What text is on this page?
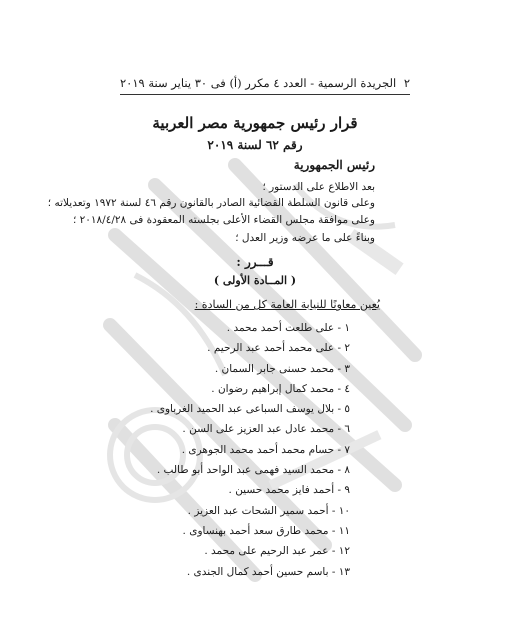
٢
الجريدة الرسمية - العدد ٤ مكرر (أ) فى ٣٠ يناير سنة ٢٠١٩
قرار رئيس جمهورية مصر العربية
رقم ٦٢ لسنة ٢٠١٩
رئيس الجمهورية
بعد الاطلاع على الدستور ؛
وعلى قانون السلطة القضائية الصادر بالقانون رقم ٤٦ لسنة ١٩٧٢ وتعديلاته ؛
وعلى موافقة مجلس القضاء الأعلى بجلسته المعقودة فى ٢٠١٨/٤/٢٨ ؛
وبناءً على ما عرضه وزير العدل ؛
قـــرر :
( المــادة الأولى )
يُعين معاونًا للنيابة العامة كل من السادة :
١ - على طلعت أحمد محمد .
٢ - على محمد أحمد عبد الرحيم .
٣ - محمد حسنى جابر السمان .
٤ - محمد كمال إبراهيم رضوان .
٥ - بلال يوسف السباعى عبد الحميد الغرباوى .
٦ - محمد عادل عبد العزيز على السن .
٧ - حسام محمد أحمد محمد الجوهرى .
٨ - محمد السيد فهمى عبد الواحد أبو طالب .
٩ - أحمد فايز محمد حسين .
١٠ - أحمد سمير الشحات عبد العزيز .
١١ - محمد طارق سعد أحمد بهنساوى .
١٢ - عمر عبد الرحيم على محمد .
١٣ - باسم حسين أحمد كمال الجندى .
